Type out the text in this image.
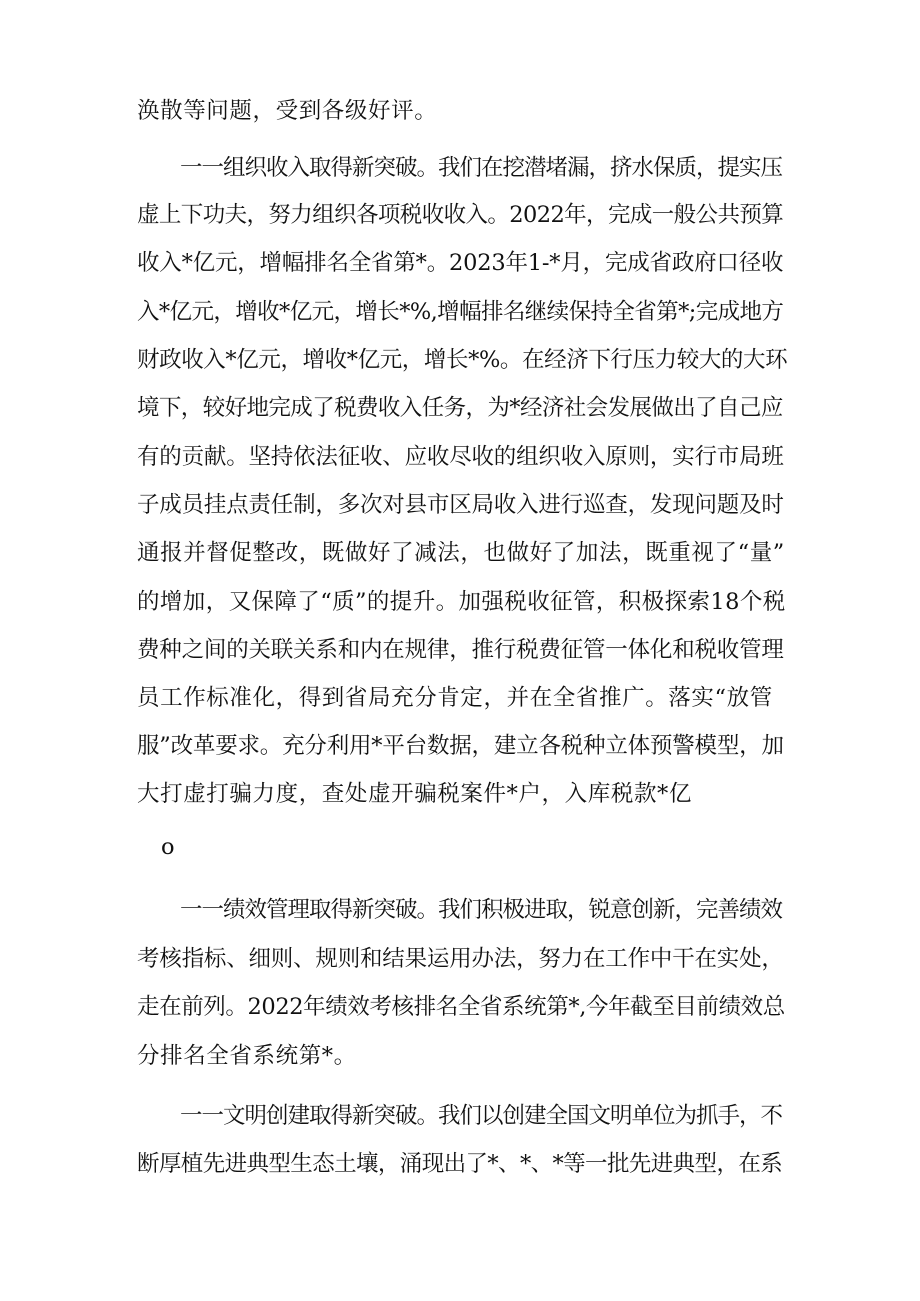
涣散等问题，受到各级好评。
一一组织收入取得新突破。我们在挖潜堵漏，挤水保质，提实压
虚上下功夫，努力组织各项税收收入。2022年，完成一般公共预算
收入*亿元，增幅排名全省第*。2023年1-*月，完成省政府口径收
入*亿元，增收*亿元，增长*%,增幅排名继续保持全省第*;完成地方
财政收入*亿元，增收*亿元，增长*%。在经济下行压力较大的大环
境下，较好地完成了税费收入任务，为*经济社会发展做出了自己应
有的贡献。坚持依法征收、应收尽收的组织收入原则，实行市局班
子成员挂点责任制，多次对县市区局收入进行巡查，发现问题及时
通报并督促整改，既做好了减法，也做好了加法，既重视了“量”
的增加，又保障了“质”的提升。加强税收征管，积极探索18个税
费种之间的关联关系和内在规律，推行税费征管一体化和税收管理
员工作标准化，得到省局充分肯定，并在全省推广。落实“放管
服”改革要求。充分利用*平台数据，建立各税种立体预警模型，加
大打虚打骗力度，查处虚开骗税案件*户，入库税款*亿
o
一一绩效管理取得新突破。我们积极进取，锐意创新，完善绩效
考核指标、细则、规则和结果运用办法，努力在工作中干在实处，
走在前列。2022年绩效考核排名全省系统第*,今年截至目前绩效总
分排名全省系统第*。
一一文明创建取得新突破。我们以创建全国文明单位为抓手，不
断厚植先进典型生态土壤，涌现出了*、*、*等一批先进典型，在系
